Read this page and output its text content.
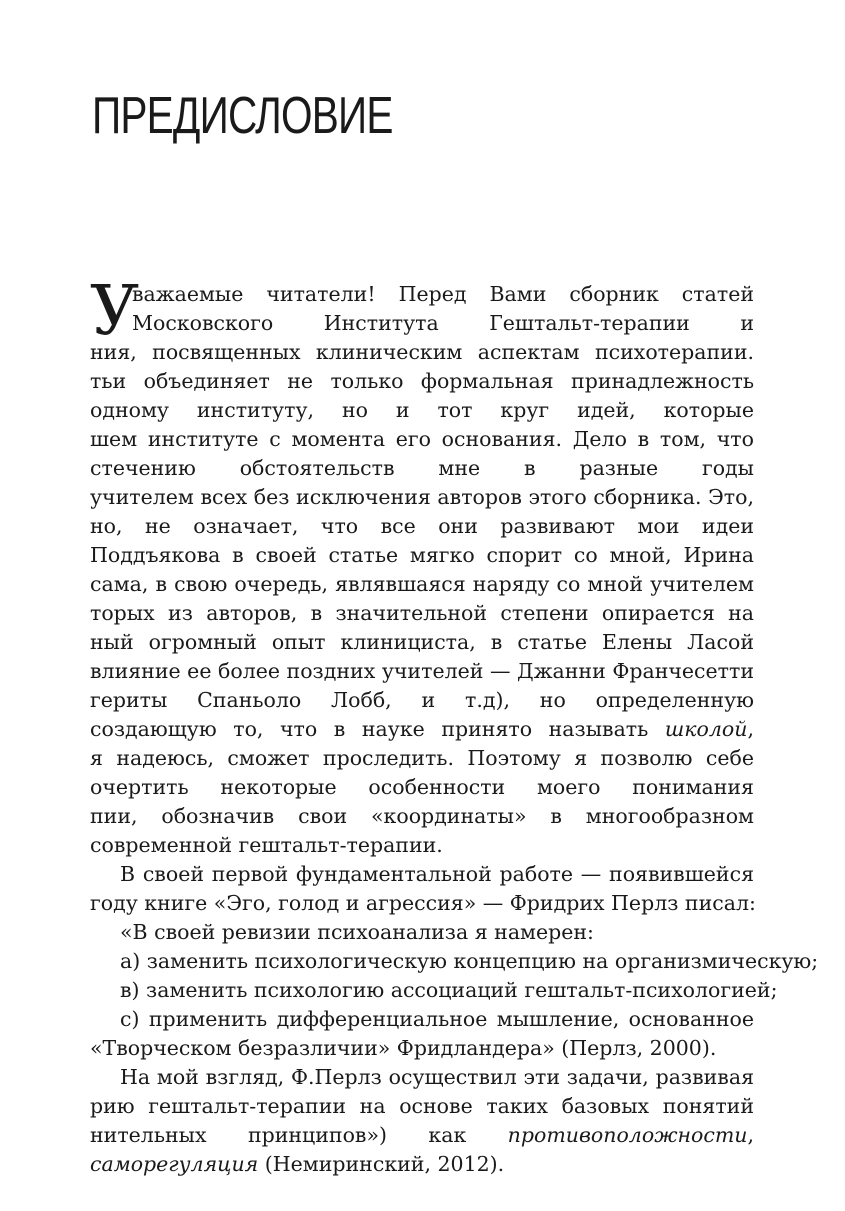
ПРЕДИСЛОВИЕ
У
важаемые читатели! Перед Вами сборник статей
Московского Института Гештальт-терапии и
ния, посвященных клиническим аспектам психотерапии.
тьи объединяет не только формальная принадлежность
одному институту, но и тот круг идей, которые
шем институте с момента его основания. Дело в том, что
стечению обстоятельств мне в разные годы
учителем всех без исключения авторов этого сборника. Это,
но, не означает, что все они развивают мои идеи
Поддъякова в своей статье мягко спорит со мной, Ирина
сама, в свою очередь, являвшаяся наряду со мной учителем
торых из авторов, в значительной степени опирается на
ный огромный опыт клинициста, в статье Елены Ласой
влияние ее более поздних учителей — Джанни Франчесетти
гериты Спаньоло Лобб, и т.д), но определенную
создающую то, что в науке принято называть школой,
я надеюсь, сможет проследить. Поэтому я позволю себе
очертить некоторые особенности моего понимания
пии, обозначив свои «координаты» в многообразном
современной гештальт-терапии.
В своей первой фундаментальной работе — появившейся
году книге «Эго, голод и агрессия» — Фридрих Перлз писал:
«В своей ревизии психоанализа я намерен:
а) заменить психологическую концепцию на организмическую;
в) заменить психологию ассоциаций гештальт-психологией;
с) применить дифференциальное мышление, основанное
«Творческом безразличии» Фридландера» (Перлз, 2000).
На мой взгляд, Ф.Перлз осуществил эти задачи, развивая
рию гештальт-терапии на основе таких базовых понятий
нительных принципов») как противоположности,
саморегуляция (Немиринский, 2012).
